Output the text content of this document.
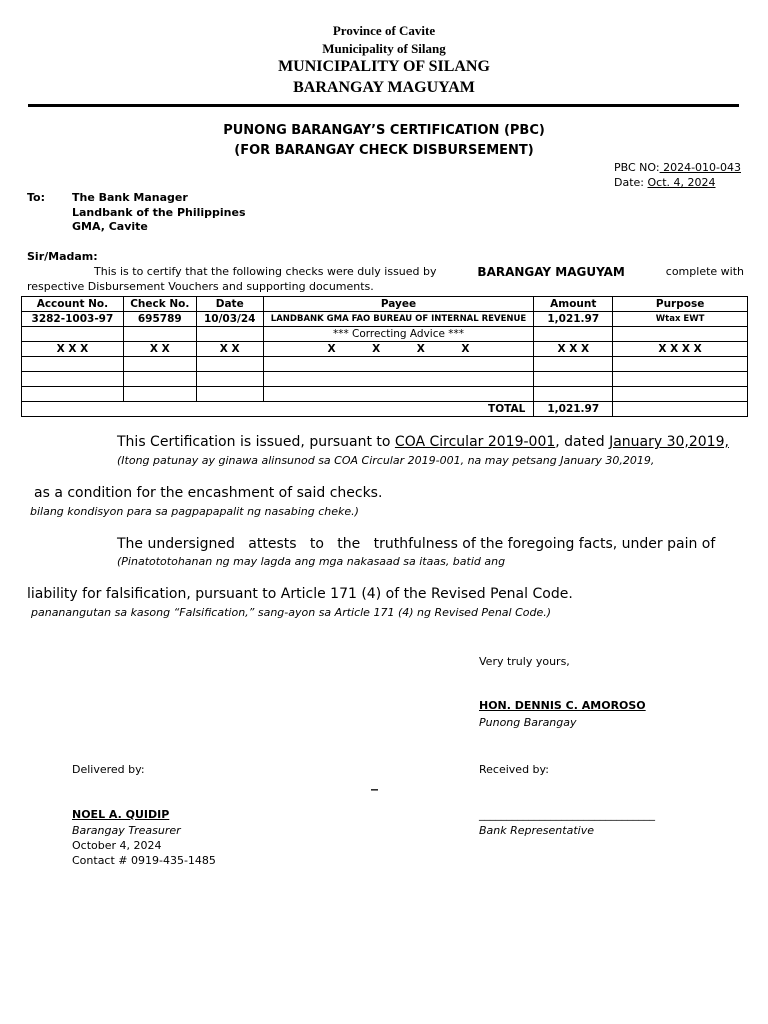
Province of Cavite
Municipality of Silang
MUNICIPALITY OF SILANG
BARANGAY MAGUYAM
PUNONG BARANGAY’S CERTIFICATION (PBC)
(FOR BARANGAY CHECK DISBURSEMENT)
PBC NO: 2024-010-043
Date: Oct. 4, 2024
To: The Bank Manager
Landbank of the Philippines
GMA, Cavite
Sir/Madam:
This is to certify that the following checks were duly issued by	BARANGAY MAGUYAM	complete with
respective Disbursement Vouchers and supporting documents.
Account No.	Check No.	Date	Payee	Amount	Purpose
3282-1003-97	695789	10/03/24	LANDBANK GMA FAO BUREAU OF INTERNAL REVENUE	1,021.97	Wtax EWT
			*** Correcting Advice ***		
X X X	X X	X X	X          X          X          X	X X X	X X X X

TOTAL				1,021.97	
This Certification is issued, pursuant to COA Circular 2019-001, dated January 30,2019,
(Itong patunay ay ginawa alinsunod sa COA Circular 2019-001, na may petsang January 30,2019,
as a condition for the encashment of said checks.
bilang kondisyon para sa pagpapapalit ng nasabing cheke.)
The undersigned   attests   to   the   truthfulness of the foregoing facts, under pain of
(Pinatototohanan ng may lagda ang mga nakasaad sa itaas, batid ang
liability for falsification, pursuant to Article 171 (4) of the Revised Penal Code.
pananangutan sa kasong “Falsification,” sang-ayon sa Article 171 (4) ng Revised Penal Code.)
Very truly yours,
HON. DENNIS C. AMOROSO
Punong Barangay
Delivered by:
_
NOEL A. QUIDIP
Barangay Treasurer
October 4, 2024
Contact # 0919-435-1485
Received by:
________________________________
Bank Representative
